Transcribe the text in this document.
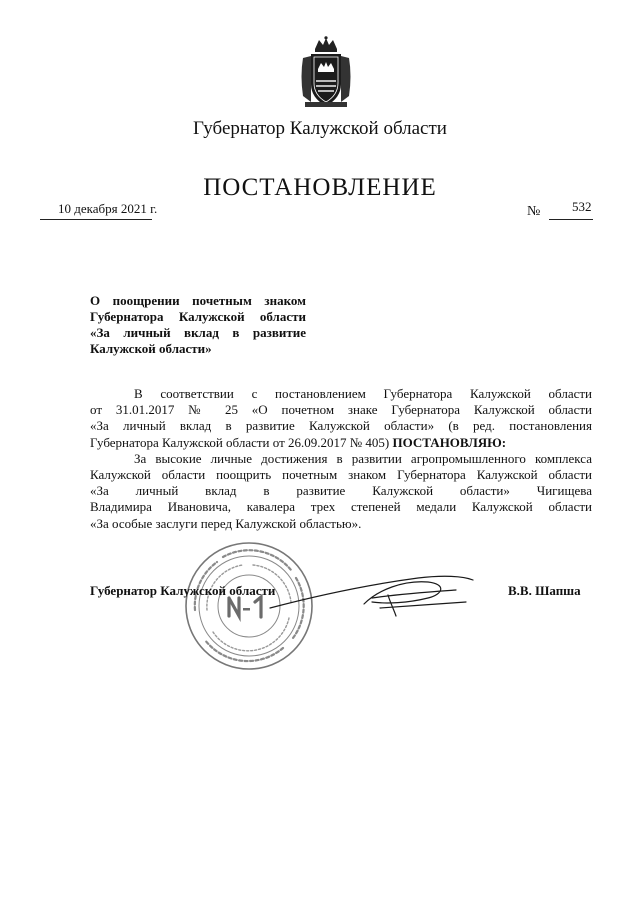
Губернатор Калужской области
ПОСТАНОВЛЕНИЕ
10 декабря 2021 г.	№ 532
О поощрении почетным знаком
Губернатора Калужской области
«За личный вклад в развитие
Калужской области»
В соответствии с постановлением Губернатора Калужской области
от 31.01.2017 № 25 «О почетном знаке Губернатора Калужской области
«За личный вклад в развитие Калужской области» (в ред. постановления
Губернатора Калужской области от 26.09.2017 № 405) ПОСТАНОВЛЯЮ:
За высокие личные достижения в развитии агропромышленного комплекса
Калужской области поощрить почетным знаком Губернатора Калужской области
«За личный вклад в развитие Калужской области» Чигищева
Владимира Ивановича, кавалера трех степеней медали Калужской области
«За особые заслуги перед Калужской областью».
Губернатор Калужской области	В.В. Шапша
